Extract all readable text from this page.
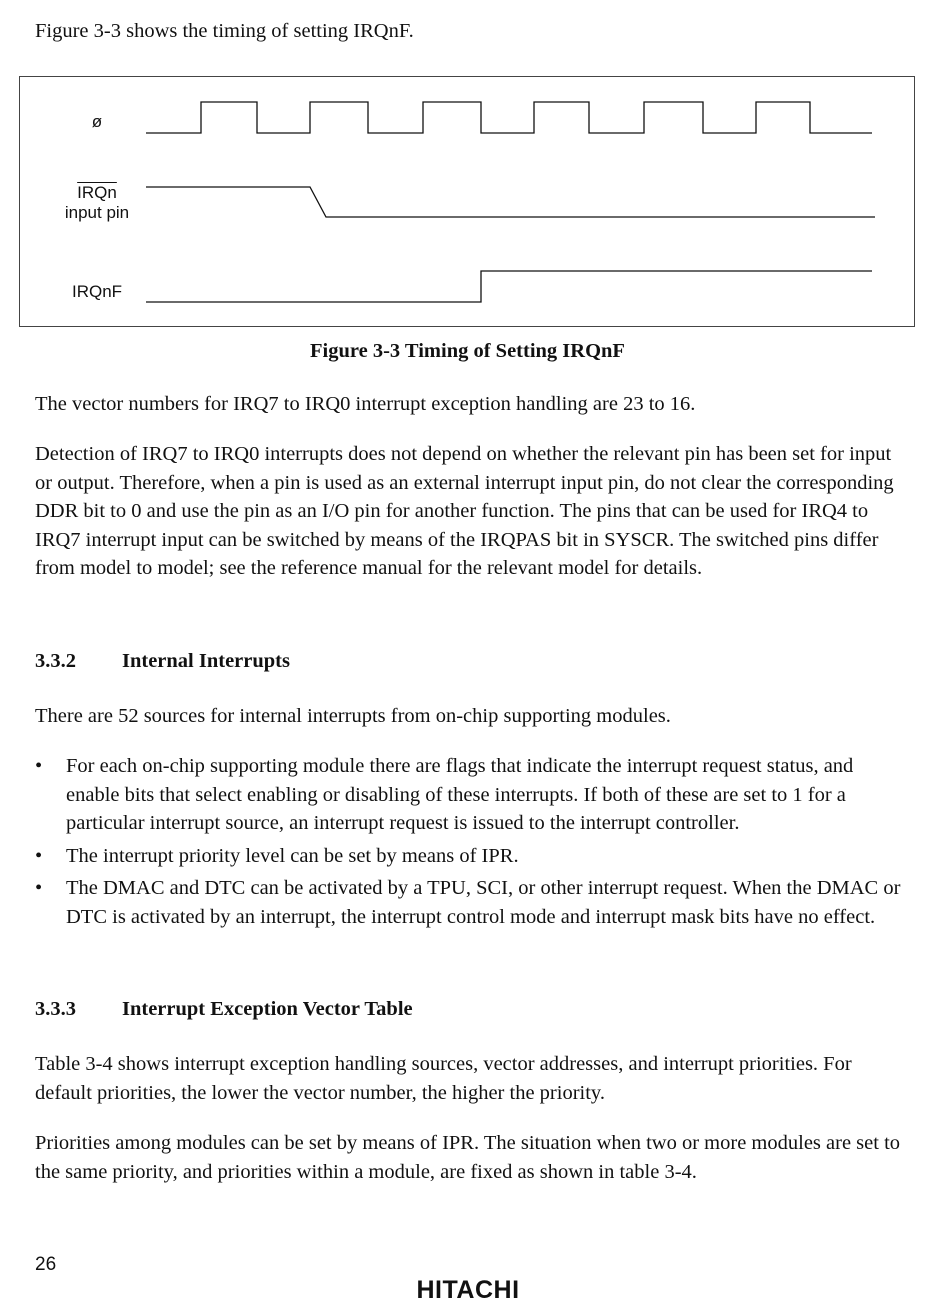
Figure 3-3 shows the timing of setting IRQnF.
ø
IRQn
input pin
IRQnF
Figure 3-3 Timing of Setting IRQnF
The vector numbers for IRQ7 to IRQ0 interrupt exception handling are 23 to 16.
Detection of IRQ7 to IRQ0 interrupts does not depend on whether the relevant pin has been set for input or output. Therefore, when a pin is used as an external interrupt input pin, do not clear the corresponding DDR bit to 0 and use the pin as an I/O pin for another function. The pins that can be used for IRQ4 to IRQ7 interrupt input can be switched by means of the IRQPAS bit in SYSCR. The switched pins differ from model to model; see the reference manual for the relevant model for details.
3.3.2 Internal Interrupts
There are 52 sources for internal interrupts from on-chip supporting modules.
• For each on-chip supporting module there are flags that indicate the interrupt request status, and enable bits that select enabling or disabling of these interrupts. If both of these are set to 1 for a particular interrupt source, an interrupt request is issued to the interrupt controller.
• The interrupt priority level can be set by means of IPR.
• The DMAC and DTC can be activated by a TPU, SCI, or other interrupt request. When the DMAC or DTC is activated by an interrupt, the interrupt control mode and interrupt mask bits have no effect.
3.3.3 Interrupt Exception Vector Table
Table 3-4 shows interrupt exception handling sources, vector addresses, and interrupt priorities. For default priorities, the lower the vector number, the higher the priority.
Priorities among modules can be set by means of IPR. The situation when two or more modules are set to the same priority, and priorities within a module, are fixed as shown in table 3-4.
26
HITACHI
